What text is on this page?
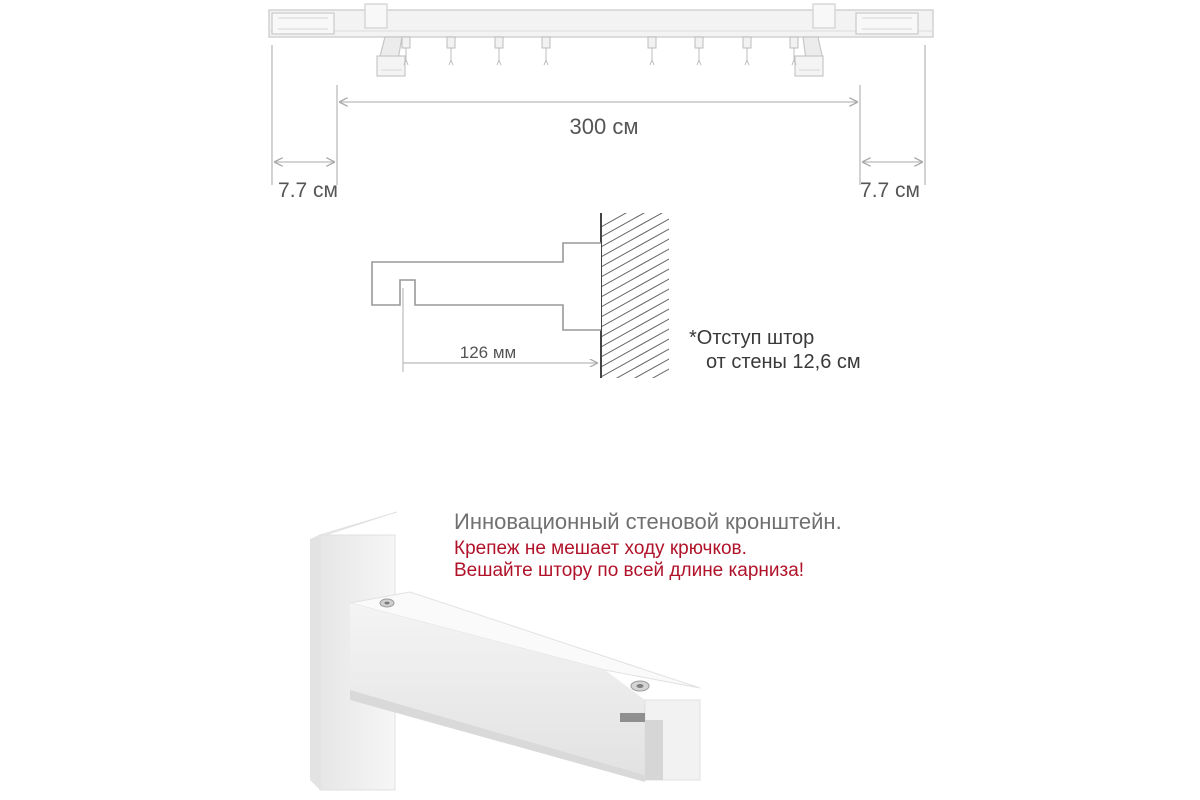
300 см
7.7 см	7.7 см
126 мм
*Отступ штор
от стены 12,6 см
Инновационный стеновой кронштейн.
Крепеж не мешает ходу крючков.
Вешайте штору по всей длине карниза!
